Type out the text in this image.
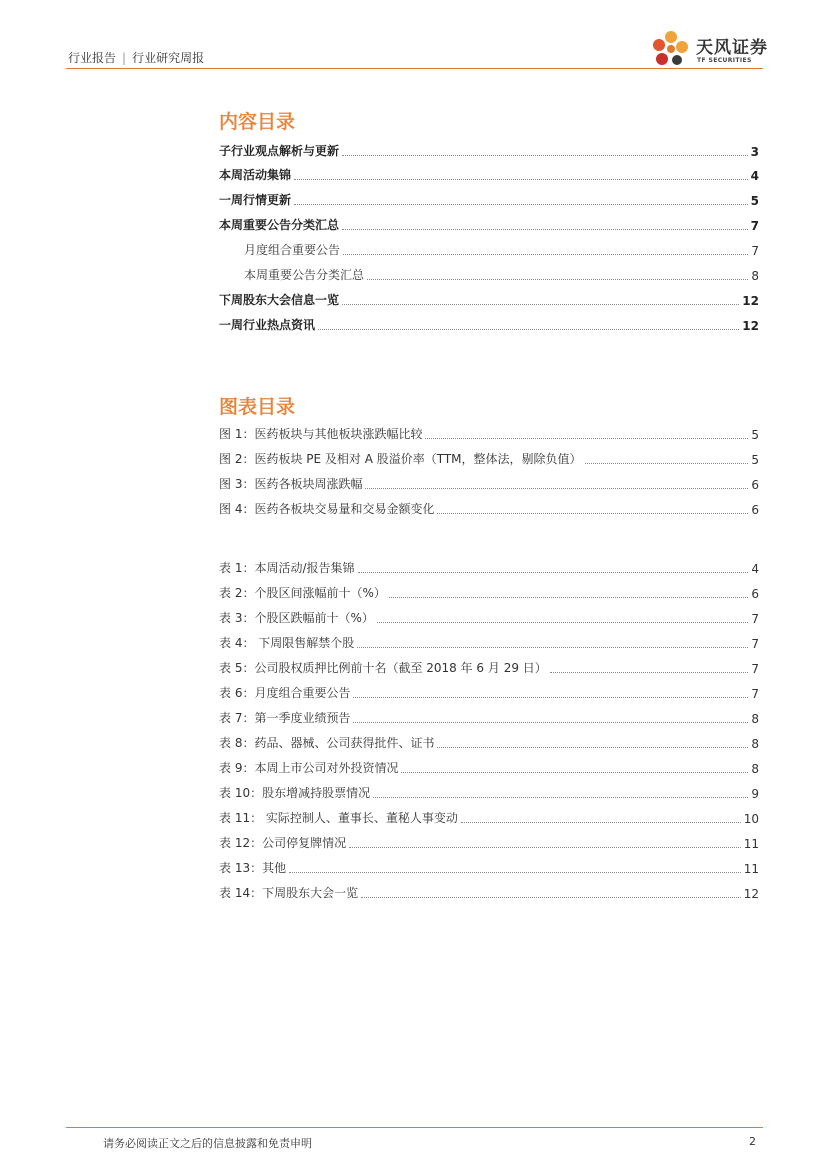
行业报告 | 行业研究周报	天风证券
TF SECURITIES
内容目录
子行业观点解析与更新	3
本周活动集锦	4
一周行情更新	5
本周重要公告分类汇总	7
月度组合重要公告	7
本周重要公告分类汇总	8
下周股东大会信息一览	12
一周行业热点资讯	12
图表目录
图 1：医药板块与其他板块涨跌幅比较	5
图 2：医药板块 PE 及相对 A 股溢价率（TTM，整体法，剔除负值）	5
图 3：医药各板块周涨跌幅	6
图 4：医药各板块交易量和交易金额变化	6
表 1：本周活动/报告集锦	4
表 2：个股区间涨幅前十（%）	6
表 3：个股区跌幅前十（%）	7
表 4： 下周限售解禁个股	7
表 5：公司股权质押比例前十名（截至 2018 年 6 月 29 日）	7
表 6：月度组合重要公告	7
表 7：第一季度业绩预告	8
表 8：药品、器械、公司获得批件、证书	8
表 9：本周上市公司对外投资情况	8
表 10：股东增减持股票情况	9
表 11： 实际控制人、董事长、董秘人事变动	10
表 12：公司停复牌情况	11
表 13：其他	11
表 14：下周股东大会一览	12
请务必阅读正文之后的信息披露和免责申明	2
